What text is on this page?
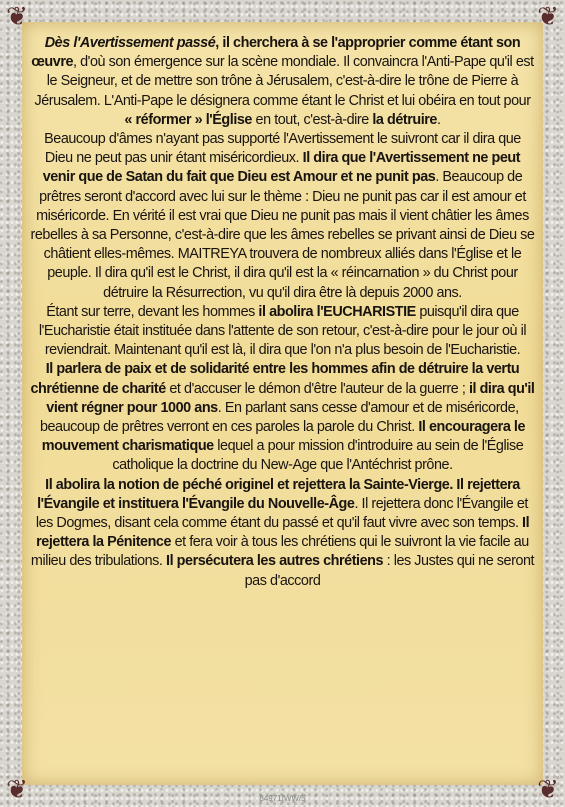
❦	❦
❦	❦

Dès l'Avertissement passé, il cherchera à se l'approprier comme étant son œuvre, d'où son émergence sur la scène mondiale. Il convaincra l'Anti-Pape qu'il est le Seigneur, et de mettre son trône à Jérusalem, c'est-à-dire le trône de Pierre à Jérusalem. L'Anti-Pape le désignera comme étant le Christ et lui obéira en tout pour « réformer » l'Église en tout, c'est-à-dire la détruire.

Beaucoup d'âmes n'ayant pas supporté l'Avertissement le suivront car il dira que Dieu ne peut pas unir étant miséricordieux. Il dira que l'Avertissement ne peut venir que de Satan du fait que Dieu est Amour et ne punit pas. Beaucoup de prêtres seront d'accord avec lui sur le thème : Dieu ne punit pas car il est amour et miséricorde. En vérité il est vrai que Dieu ne punit pas mais il vient châtier les âmes rebelles à sa Personne, c'est-à-dire que les âmes rebelles se privant ainsi de Dieu se châtient elles-mêmes. MAITREYA trouvera de nombreux alliés dans l'Église et le peuple. Il dira qu'il est le Christ, il dira qu'il est la « réincarnation » du Christ pour détruire la Résurrection, vu qu'il dira être là depuis 2000 ans.

Étant sur terre, devant les hommes il abolira l'EUCHARISTIE puisqu'il dira que l'Eucharistie était instituée dans l'attente de son retour, c'est-à-dire pour le jour où il reviendrait. Maintenant qu'il est là, il dira que l'on n'a plus besoin de l'Eucharistie.

Il parlera de paix et de solidarité entre les hommes afin de détruire la vertu chrétienne de charité et d'accuser le démon d'être l'auteur de la guerre ; il dira qu'il vient régner pour 1000 ans. En parlant sans cesse d'amour et de miséricorde, beaucoup de prêtres verront en ces paroles la parole du Christ. Il encouragera le mouvement charismatique lequel a pour mission d'introduire au sein de l'Église catholique la doctrine du New-Age que l'Antéchrist prône.

Il abolira la notion de péché originel et rejettera la Sainte-Vierge. Il rejettera l'Évangile et instituera l'Évangile du Nouvelle-Âge. Il rejettera donc l'Évangile et les Dogmes, disant cela comme étant du passé et qu'il faut vivre avec son temps. Il rejettera la Pénitence et fera voir à tous les chrétiens qui le suivront la vie facile au milieu des tribulations. Il persécutera les autres chrétiens : les Justes qui ne seront pas d'accord

84971/WW/5
